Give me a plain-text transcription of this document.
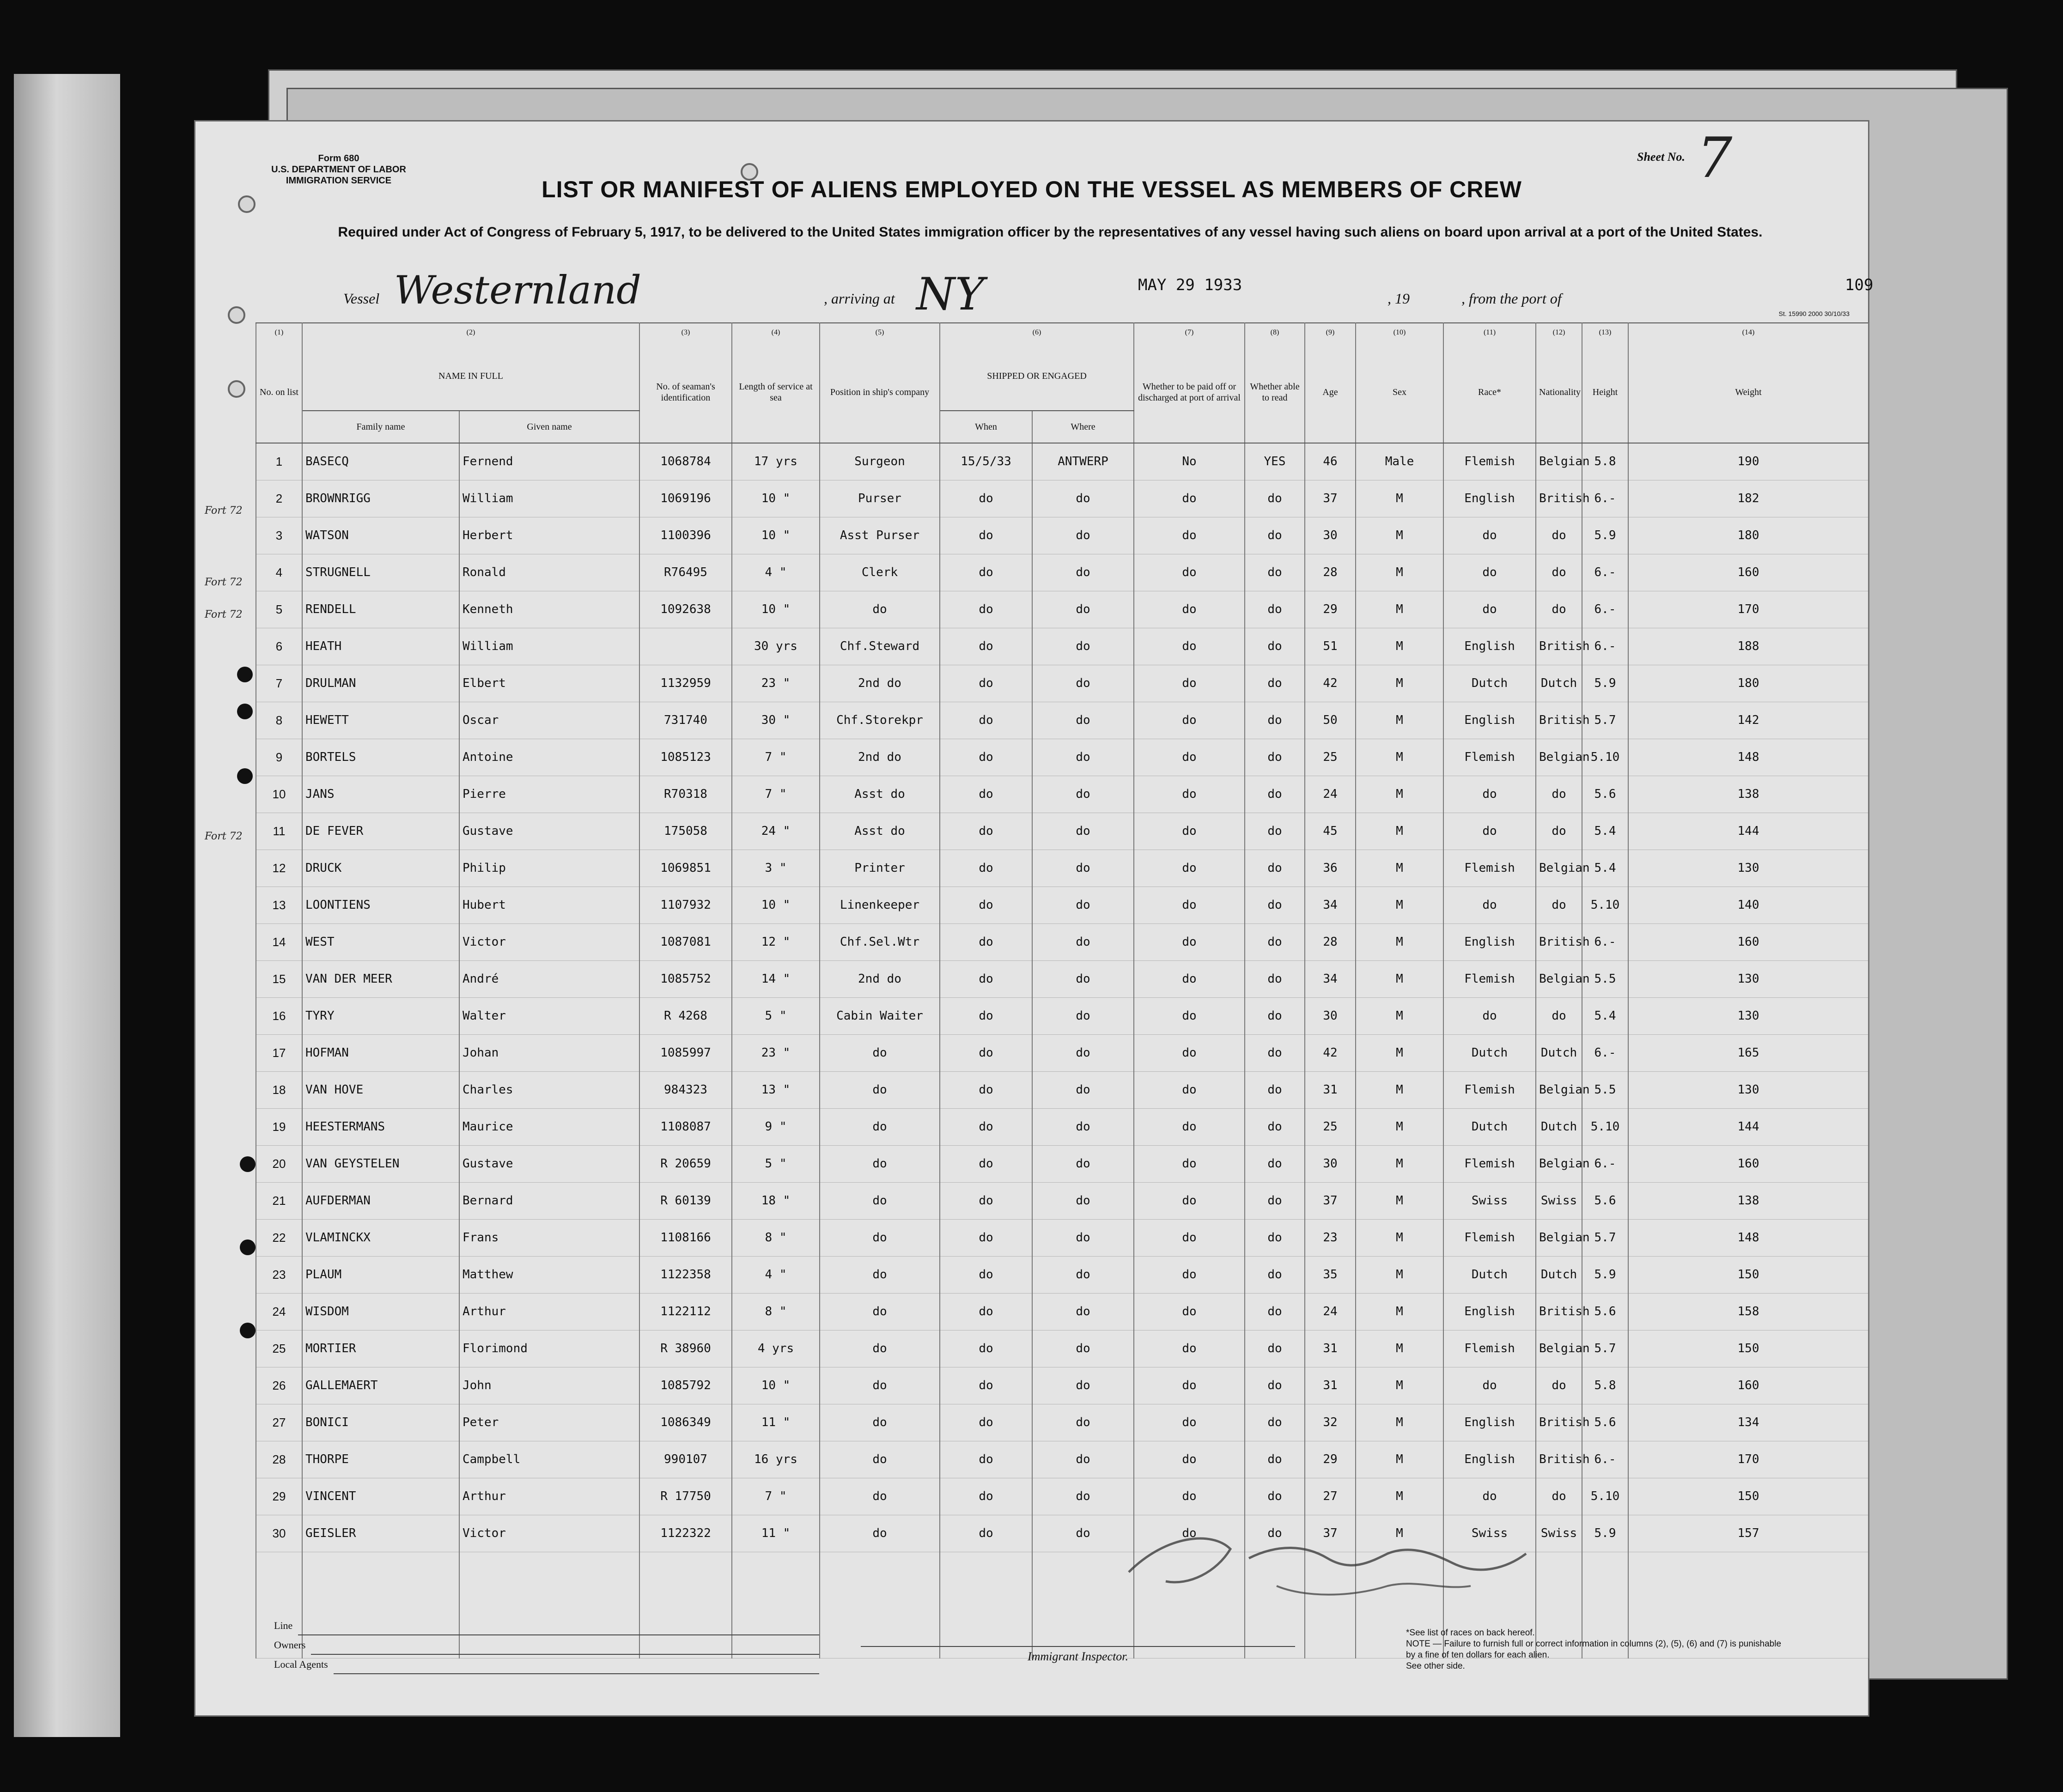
Form 680
U.S. DEPARTMENT OF LABOR
IMMIGRATION SERVICE
Sheet No. 7
LIST OR MANIFEST OF ALIENS EMPLOYED ON THE VESSEL AS MEMBERS OF CREW
Required under Act of Congress of February 5, 1917, to be delivered to the United States immigration officer by the representatives of any vessel having such aliens on board upon arrival at a port of the United States.
Vessel Westernland	, arriving at NY	MAY 29 1933
, 19	, from the port of
109
St. 15990 2000 30/10/33
(1)	(2)		(3)	(4)	(5)	(6)		(7)	(8)	(9)	(10)	(11)	(12)	(13)	(14)	
No. on list	NAME IN FULL		No. of seaman's identification	Length of service at sea	Position in ship's company	SHIPPED OR ENGAGED		Whether to be paid off or discharged at port of arrival	Whether able to read	Age	Sex	Race*	Nationality	Height	Weight	
	Family name	Given name				When	Where									
1	BASECQ	Fernend	1068784	17 yrs	Surgeon	15/5/33	ANTWERP	No	YES	46	Male	Flemish	Belgian	5.8	190	
2	BROWNRIGG	William	1069196	10 "	Purser	do	do	do	do	37	M	English	British	6.-	182	
3	WATSON	Herbert	1100396	10 "	Asst Purser	do	do	do	do	30	M	do	do	5.9	180	
4	STRUGNELL	Ronald	R76495	4 "	Clerk	do	do	do	do	28	M	do	do	6.-	160	
5	RENDELL	Kenneth	1092638	10 "	do	do	do	do	do	29	M	do	do	6.-	170	
6	HEATH	William		30 yrs	Chf.Steward	do	do	do	do	51	M	English	British	6.-	188	
7	DRULMAN	Elbert	1132959	23 "	2nd do	do	do	do	do	42	M	Dutch	Dutch	5.9	180	
8	HEWETT	Oscar	731740	30 "	Chf.Storekpr	do	do	do	do	50	M	English	British	5.7	142	
9	BORTELS	Antoine	1085123	7 "	2nd do	do	do	do	do	25	M	Flemish	Belgian	5.10	148	
10	JANS	Pierre	R70318	7 "	Asst do	do	do	do	do	24	M	do	do	5.6	138	
11	DE FEVER	Gustave	175058	24 "	Asst do	do	do	do	do	45	M	do	do	5.4	144	
12	DRUCK	Philip	1069851	3 "	Printer	do	do	do	do	36	M	Flemish	Belgian	5.4	130	
13	LOONTIENS	Hubert	1107932	10 "	Linenkeeper	do	do	do	do	34	M	do	do	5.10	140	
14	WEST	Victor	1087081	12 "	Chf.Sel.Wtr	do	do	do	do	28	M	English	British	6.-	160	
15	VAN DER MEER	André	1085752	14 "	2nd do	do	do	do	do	34	M	Flemish	Belgian	5.5	130	
16	TYRY	Walter	R 4268	5 "	Cabin Waiter	do	do	do	do	30	M	do	do	5.4	130	
17	HOFMAN	Johan	1085997	23 "	do	do	do	do	do	42	M	Dutch	Dutch	6.-	165	
18	VAN HOVE	Charles	984323	13 "	do	do	do	do	do	31	M	Flemish	Belgian	5.5	130	
19	HEESTERMANS	Maurice	1108087	9 "	do	do	do	do	do	25	M	Dutch	Dutch	5.10	144	
20	VAN GEYSTELEN	Gustave	R 20659	5 "	do	do	do	do	do	30	M	Flemish	Belgian	6.-	160	
21	AUFDERMAN	Bernard	R 60139	18 "	do	do	do	do	do	37	M	Swiss	Swiss	5.6	138	
22	VLAMINCKX	Frans	1108166	8 "	do	do	do	do	do	23	M	Flemish	Belgian	5.7	148	
23	PLAUM	Matthew	1122358	4 "	do	do	do	do	do	35	M	Dutch	Dutch	5.9	150	
24	WISDOM	Arthur	1122112	8 "	do	do	do	do	do	24	M	English	British	5.6	158	
25	MORTIER	Florimond	R 38960	4 yrs	do	do	do	do	do	31	M	Flemish	Belgian	5.7	150	
26	GALLEMAERT	John	1085792	10 "	do	do	do	do	do	31	M	do	do	5.8	160	
27	BONICI	Peter	1086349	11 "	do	do	do	do	do	32	M	English	British	5.6	134	
28	THORPE	Campbell	990107	16 yrs	do	do	do	do	do	29	M	English	British	6.-	170	
29	VINCENT	Arthur	R 17750	7 "	do	do	do	do	do	27	M	do	do	5.10	150	
30	GEISLER	Victor	1122322	11 "	do	do	do	do	do	37	M	Swiss	Swiss	5.9	157	

Fort 72
Fort 72
Fort 72
Fort 72
Line
Owners
Local Agents
Immigrant Inspector.
*See list of races on back hereof.
NOTE — Failure to furnish full or correct information in columns (2), (5), (6) and (7) is punishable by a fine of ten dollars for each alien.
See other side.
